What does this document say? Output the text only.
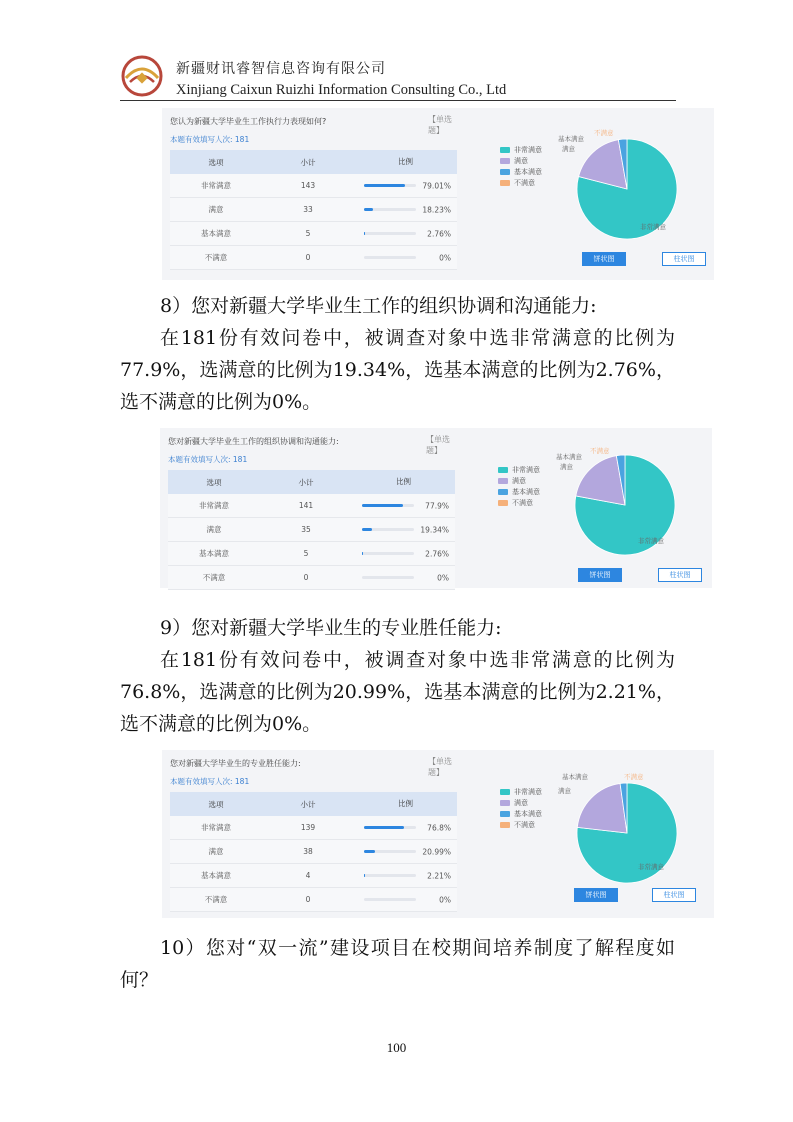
新疆财讯睿智信息咨询有限公司
Xinjiang Caixun Ruizhi Information Consulting Co., Ltd
您认为新疆大学毕业生工作执行力表现如何?	【单选题】
本题有效填写人次: 181
选项	小计	比例
非常满意	143	79.01%
满意	33	18.23%
基本满意	5	2.76%
不满意	0	0%
非常满意
满意
基本满意
不满意
基本满意
满意
不满意
非常满意
饼状图	柱状图
8）您对新疆大学毕业生工作的组织协调和沟通能力:
在181份有效问卷中，被调查对象中选非常满意的比例为77.9%，选满意的比例为19.34%，选基本满意的比例为2.76%，选不满意的比例为0%。
您对新疆大学毕业生工作的组织协调和沟通能力:	【单选题】
本题有效填写人次: 181
选项	小计	比例
非常满意	141	77.9%
满意	35	19.34%
基本满意	5	2.76%
不满意	0	0%
非常满意
满意
基本满意
不满意
基本满意
满意
不满意
非常满意
饼状图	柱状图
9）您对新疆大学毕业生的专业胜任能力:
在181份有效问卷中，被调查对象中选非常满意的比例为76.8%，选满意的比例为20.99%，选基本满意的比例为2.21%，选不满意的比例为0%。
您对新疆大学毕业生的专业胜任能力:	【单选题】
本题有效填写人次: 181
选项	小计	比例
非常满意	139	76.8%
满意	38	20.99%
基本满意	4	2.21%
不满意	0	0%
非常满意
满意
基本满意
不满意
基本满意
满意
不满意
非常满意
饼状图	柱状图
10）您对“双一流”建设项目在校期间培养制度了解程度如何？
100
